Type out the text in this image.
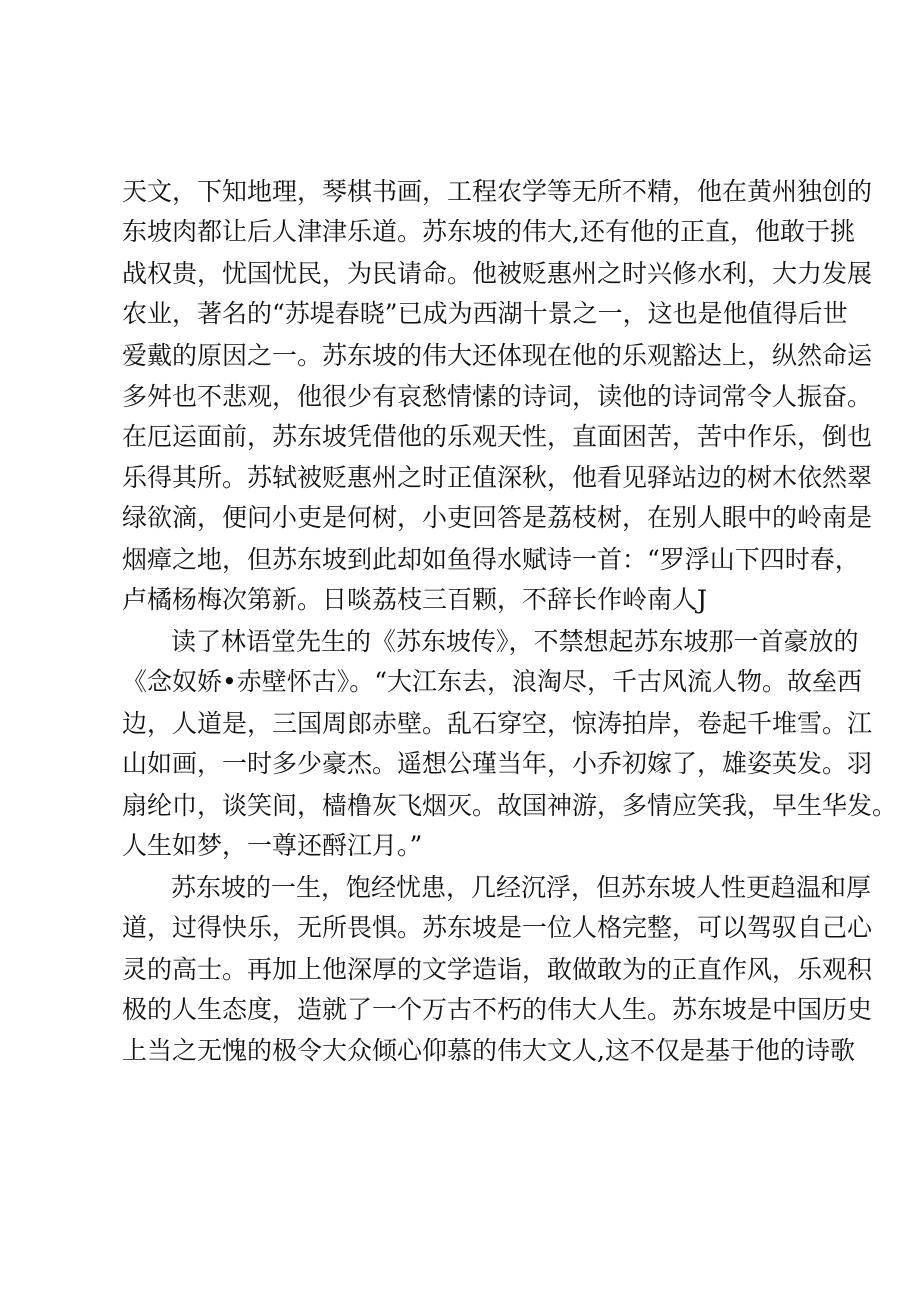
天文，下知地理，琴棋书画，工程农学等无所不精，他在黄州独创的
东坡肉都让后人津津乐道。苏东坡的伟大,还有他的正直，他敢于挑
战权贵，忧国忧民，为民请命。他被贬惠州之时兴修水利，大力发展
农业，著名的“苏堤春晓”已成为西湖十景之一，这也是他值得后世
爱戴的原因之一。苏东坡的伟大还体现在他的乐观豁达上，纵然命运
多舛也不悲观，他很少有哀愁情愫的诗词，读他的诗词常令人振奋。
在厄运面前，苏东坡凭借他的乐观天性，直面困苦，苦中作乐，倒也
乐得其所。苏轼被贬惠州之时正值深秋，他看见驿站边的树木依然翠
绿欲滴，便问小吏是何树，小吏回答是荔枝树，在别人眼中的岭南是
烟瘴之地，但苏东坡到此却如鱼得水赋诗一首：“罗浮山下四时春，
卢橘杨梅次第新。日啖荔枝三百颗，不辞长作岭南人J
读了林语堂先生的《苏东坡传》，不禁想起苏东坡那一首豪放的
《念奴娇•赤壁怀古》。“大江东去，浪淘尽，千古风流人物。故垒西
边，人道是，三国周郎赤壁。乱石穿空，惊涛拍岸，卷起千堆雪。江
山如画，一时多少豪杰。遥想公瑾当年，小乔初嫁了，雄姿英发。羽
扇纶巾，谈笑间，樯橹灰飞烟灭。故国神游，多情应笑我，早生华发。
人生如梦，一尊还酹江月。”
苏东坡的一生，饱经忧患，几经沉浮，但苏东坡人性更趋温和厚
道，过得快乐，无所畏惧。苏东坡是一位人格完整，可以驾驭自己心
灵的高士。再加上他深厚的文学造诣，敢做敢为的正直作风，乐观积
极的人生态度，造就了一个万古不朽的伟大人生。苏东坡是中国历史
上当之无愧的极令大众倾心仰慕的伟大文人,这不仅是基于他的诗歌
